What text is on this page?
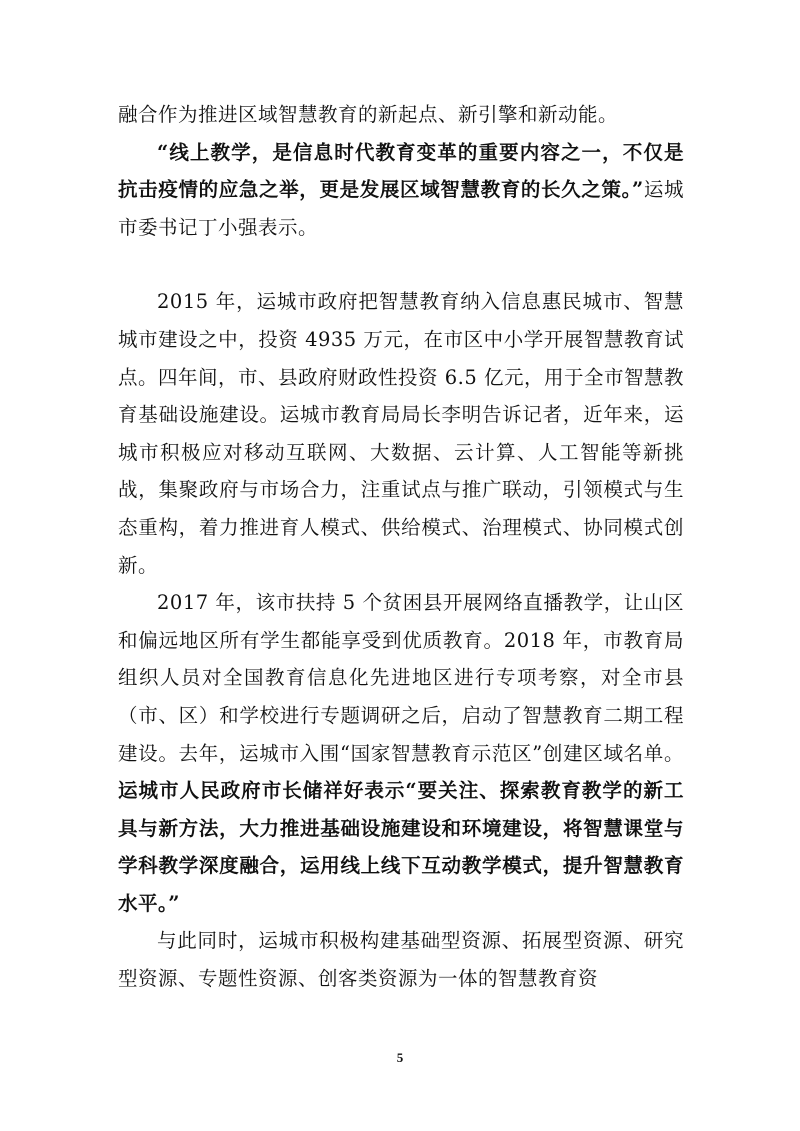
融合作为推进区域智慧教育的新起点、新引擎和新动能。

“线上教学，是信息时代教育变革的重要内容之一，不仅是抗击疫情的应急之举，更是发展区域智慧教育的长久之策。”运城市委书记丁小强表示。

2015 年，运城市政府把智慧教育纳入信息惠民城市、智慧城市建设之中，投资 4935 万元，在市区中小学开展智慧教育试点。四年间，市、县政府财政性投资 6.5 亿元，用于全市智慧教育基础设施建设。运城市教育局局长李明告诉记者，近年来，运城市积极应对移动互联网、大数据、云计算、人工智能等新挑战，集聚政府与市场合力，注重试点与推广联动，引领模式与生态重构，着力推进育人模式、供给模式、治理模式、协同模式创新。

2017 年，该市扶持 5 个贫困县开展网络直播教学，让山区和偏远地区所有学生都能享受到优质教育。2018 年，市教育局组织人员对全国教育信息化先进地区进行专项考察，对全市县（市、区）和学校进行专题调研之后，启动了智慧教育二期工程建设。去年，运城市入围“国家智慧教育示范区”创建区域名单。运城市人民政府市长储祥好表示“要关注、探索教育教学的新工具与新方法，大力推进基础设施建设和环境建设，将智慧课堂与学科教学深度融合，运用线上线下互动教学模式，提升智慧教育水平。”

与此同时，运城市积极构建基础型资源、拓展型资源、研究型资源、专题性资源、创客类资源为一体的智慧教育资

5
